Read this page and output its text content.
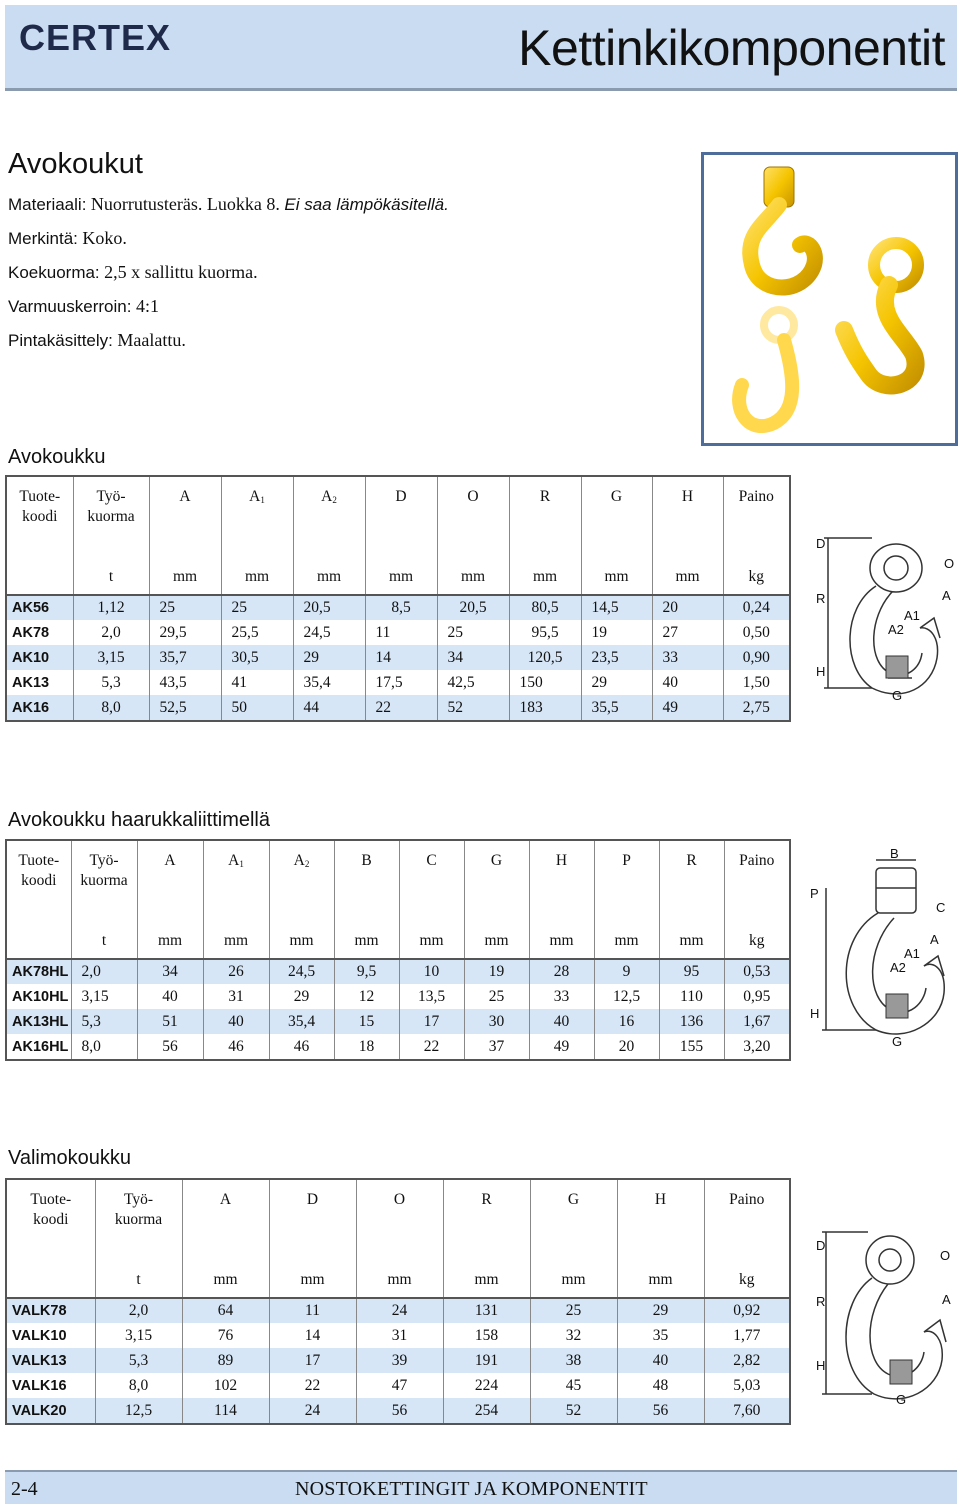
CERTEX	Kettinkikomponentit
Avokoukut
Materiaali: Nuorrutusteräs. Luokka 8. Ei saa lämpökäsitellä.
Merkintä: Koko.
Koekuorma: 2,5 x sallittu kuorma.
Varmuuskerroin: 4:1
Pintakäsittely: Maalattu.
Avokoukku
Tuote-
koodi	Työ-
kuorma	A	$A_1$	$A_2$	D	O	R	G	H	Paino
	t	mm	mm	mm	mm	mm	mm	mm	mm	kg
AK56	1,12	25	25	20,5	8,5	20,5	80,5	14,5	20	0,24
AK78	2,0	29,5	25,5	24,5	11	25	95,5	19	27	0,50
AK10	3,15	35,7	30,5	29	14	34	120,5	23,5	33	0,90
AK13	5,3	43,5	41	35,4	17,5	42,5	150	29	40	1,50
AK16	8,0	52,5	50	44	22	52	183	35,5	49	2,75
D
O
R	A
A1
A2
H
G
Avokoukku haarukkaliittimellä
Tuote-
koodi	Työ-
kuorma	A	$A_1$	$A_2$	B	C	G	H	P	R	Paino
	t	mm	mm	mm	mm	mm	mm	mm	mm	mm	kg
AK78HL	2,0	34	26	24,5	9,5	10	19	28	9	95	0,53
AK10HL	3,15	40	31	29	12	13,5	25	33	12,5	110	0,95
AK13HL	5,3	51	40	35,4	15	17	30	40	16	136	1,67
AK16HL	8,0	56	46	46	18	22	37	49	20	155	3,20
B
P
C
A
A1
A2
H
G
Valimokoukku
Tuote-
koodi	Työ-
kuorma	A	D	O	R	G	H	Paino
	t	mm	mm	mm	mm	mm	mm	kg
VALK78	2,0	64	11	24	131	25	29	0,92
VALK10	3,15	76	14	31	158	32	35	1,77
VALK13	5,3	89	17	39	191	38	40	2,82
VALK16	8,0	102	22	47	224	45	48	5,03
VALK20	12,5	114	24	56	254	52	56	7,60
D
O
R	A
H
G
2-4	NOSTOKETTINGIT JA KOMPONENTIT
